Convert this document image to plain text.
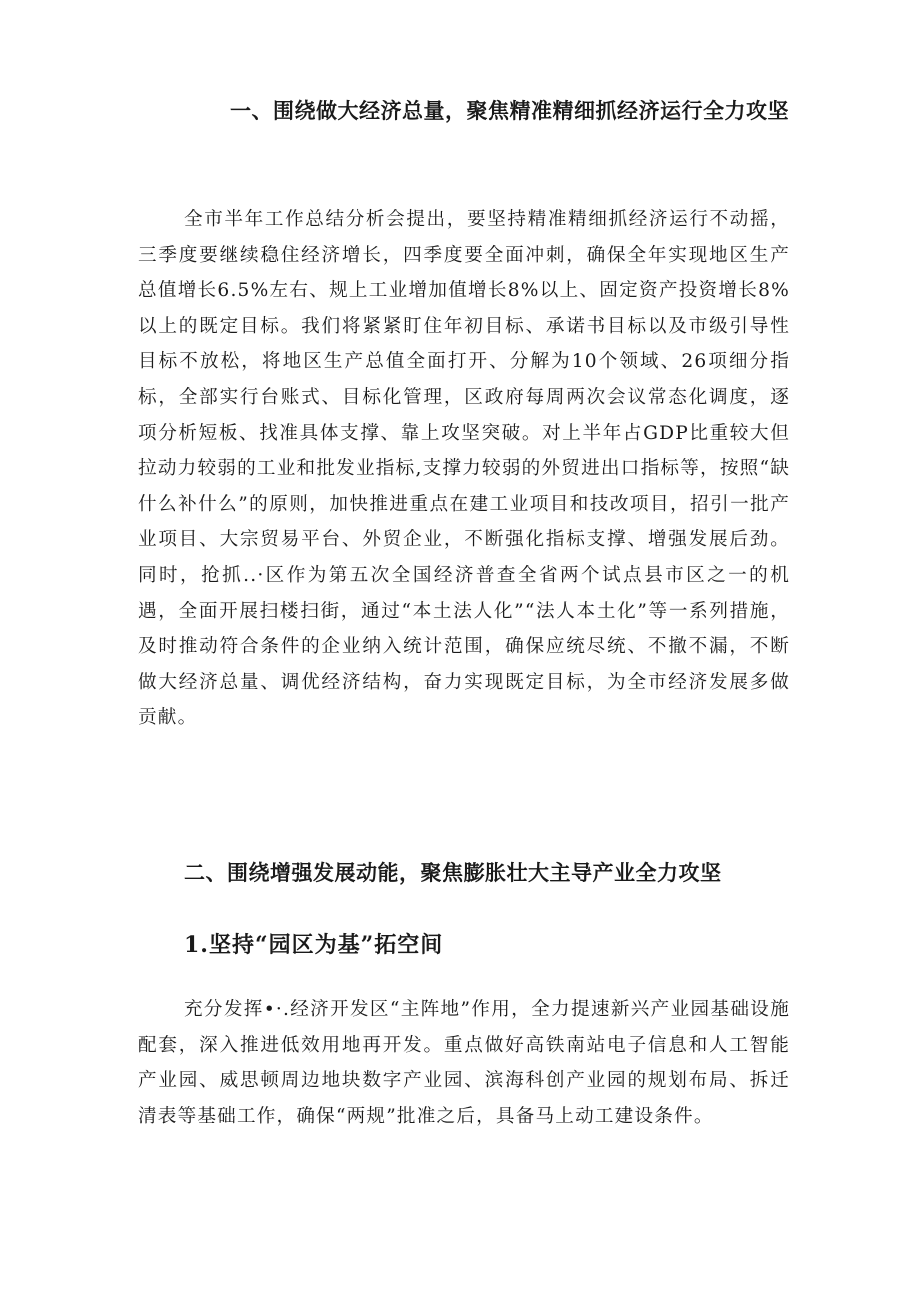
一、围绕做大经济总量，聚焦精准精细抓经济运行全力攻坚

全市半年工作总结分析会提出，要坚持精准精细抓经济运行不动摇，三季度要继续稳住经济增长，四季度要全面冲刺，确保全年实现地区生产总值增长6.5%左右、规上工业增加值增长8%以上、固定资产投资增长8%以上的既定目标。我们将紧紧盯住年初目标、承诺书目标以及市级引导性目标不放松，将地区生产总值全面打开、分解为10个领域、26项细分指标，全部实行台账式、目标化管理，区政府每周两次会议常态化调度，逐项分析短板、找准具体支撑、靠上攻坚突破。对上半年占GDP比重较大但拉动力较弱的工业和批发业指标,支撑力较弱的外贸进出口指标等，按照“缺什么补什么”的原则，加快推进重点在建工业项目和技改项目，招引一批产业项目、大宗贸易平台、外贸企业，不断强化指标支撑、增强发展后劲。同时，抢抓..·区作为第五次全国经济普查全省两个试点县市区之一的机遇，全面开展扫楼扫街，通过“本土法人化”“法人本土化”等一系列措施，及时推动符合条件的企业纳入统计范围，确保应统尽统、不撤不漏，不断做大经济总量、调优经济结构，奋力实现既定目标，为全市经济发展多做贡献。

二、围绕增强发展动能，聚焦膨胀壮大主导产业全力攻坚
1.坚持“园区为基”拓空间

充分发挥•·.经济开发区“主阵地”作用，全力提速新兴产业园基础设施配套，深入推进低效用地再开发。重点做好高铁南站电子信息和人工智能产业园、威思顿周边地块数字产业园、滨海科创产业园的规划布局、拆迁清表等基础工作，确保“两规”批准之后，具备马上动工建设条件。
